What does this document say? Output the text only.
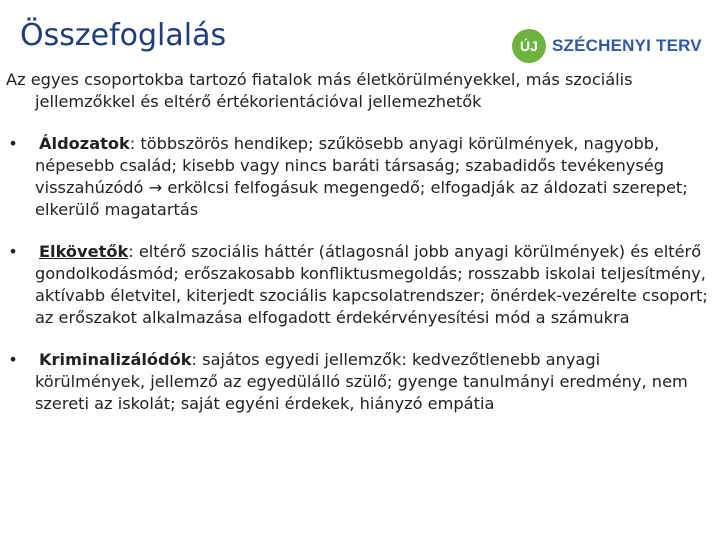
Összefoglalás	ÚJ SZÉCHENYI TERV

Az egyes csoportokba tartozó fiatalok más életkörülményekkel, más szociális jellemzőkkel és eltérő értékorientációval jellemezhetők

• Áldozatok: többszörös hendikep; szűkösebb anyagi körülmények, nagyobb, népesebb család; kisebb vagy nincs baráti társaság; szabadidős tevékenység visszahúzódó → erkölcsi felfogásuk megengedő; elfogadják az áldozati szerepet; elkerülő magatartás

• Elkövetők: eltérő szociális háttér (átlagosnál jobb anyagi körülmények) és eltérő gondolkodásmód; erőszakosabb konfliktusmegoldás; rosszabb iskolai teljesítmény, aktívabb életvitel, kiterjedt szociális kapcsolatrendszer; önérdek-vezérelte csoport; az erőszakot alkalmazása elfogadott érdekérvényesítési mód a számukra

• Kriminalizálódók: sajátos egyedi jellemzők: kedvezőtlenebb anyagi körülmények, jellemző az egyedülálló szülő; gyenge tanulmányi eredmény, nem szereti az iskolát; saját egyéni érdekek, hiányzó empátia
